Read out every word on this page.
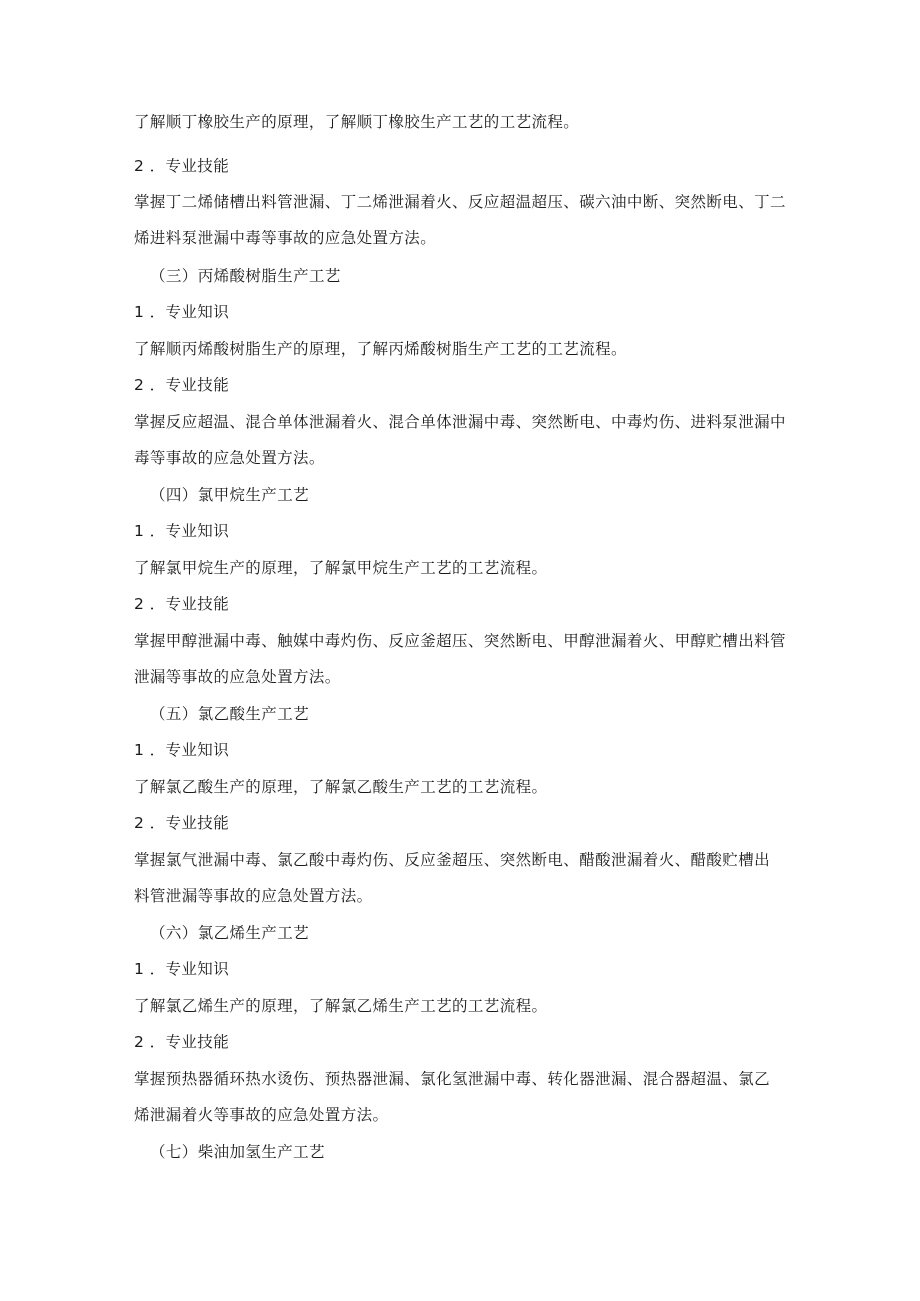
了解顺丁橡胶生产的原理，了解顺丁橡胶生产工艺的工艺流程。
2 ．专业技能
掌握丁二烯储槽出料管泄漏、丁二烯泄漏着火、反应超温超压、碳六油中断、突然断电、丁二
烯进料泵泄漏中毒等事故的应急处置方法。
（三）丙烯酸树脂生产工艺
1 ．专业知识
了解顺丙烯酸树脂生产的原理，了解丙烯酸树脂生产工艺的工艺流程。
2 ．专业技能
掌握反应超温、混合单体泄漏着火、混合单体泄漏中毒、突然断电、中毒灼伤、进料泵泄漏中
毒等事故的应急处置方法。
（四）氯甲烷生产工艺
1 ．专业知识
了解氯甲烷生产的原理，了解氯甲烷生产工艺的工艺流程。
2 ．专业技能
掌握甲醇泄漏中毒、触媒中毒灼伤、反应釜超压、突然断电、甲醇泄漏着火、甲醇贮槽出料管
泄漏等事故的应急处置方法。
（五）氯乙酸生产工艺
1 ．专业知识
了解氯乙酸生产的原理，了解氯乙酸生产工艺的工艺流程。
2 ．专业技能
掌握氯气泄漏中毒、氯乙酸中毒灼伤、反应釜超压、突然断电、醋酸泄漏着火、醋酸贮槽出
料管泄漏等事故的应急处置方法。
（六）氯乙烯生产工艺
1 ．专业知识
了解氯乙烯生产的原理，了解氯乙烯生产工艺的工艺流程。
2 ．专业技能
掌握预热器循环热水烫伤、预热器泄漏、氯化氢泄漏中毒、转化器泄漏、混合器超温、氯乙
烯泄漏着火等事故的应急处置方法。
（七）柴油加氢生产工艺
